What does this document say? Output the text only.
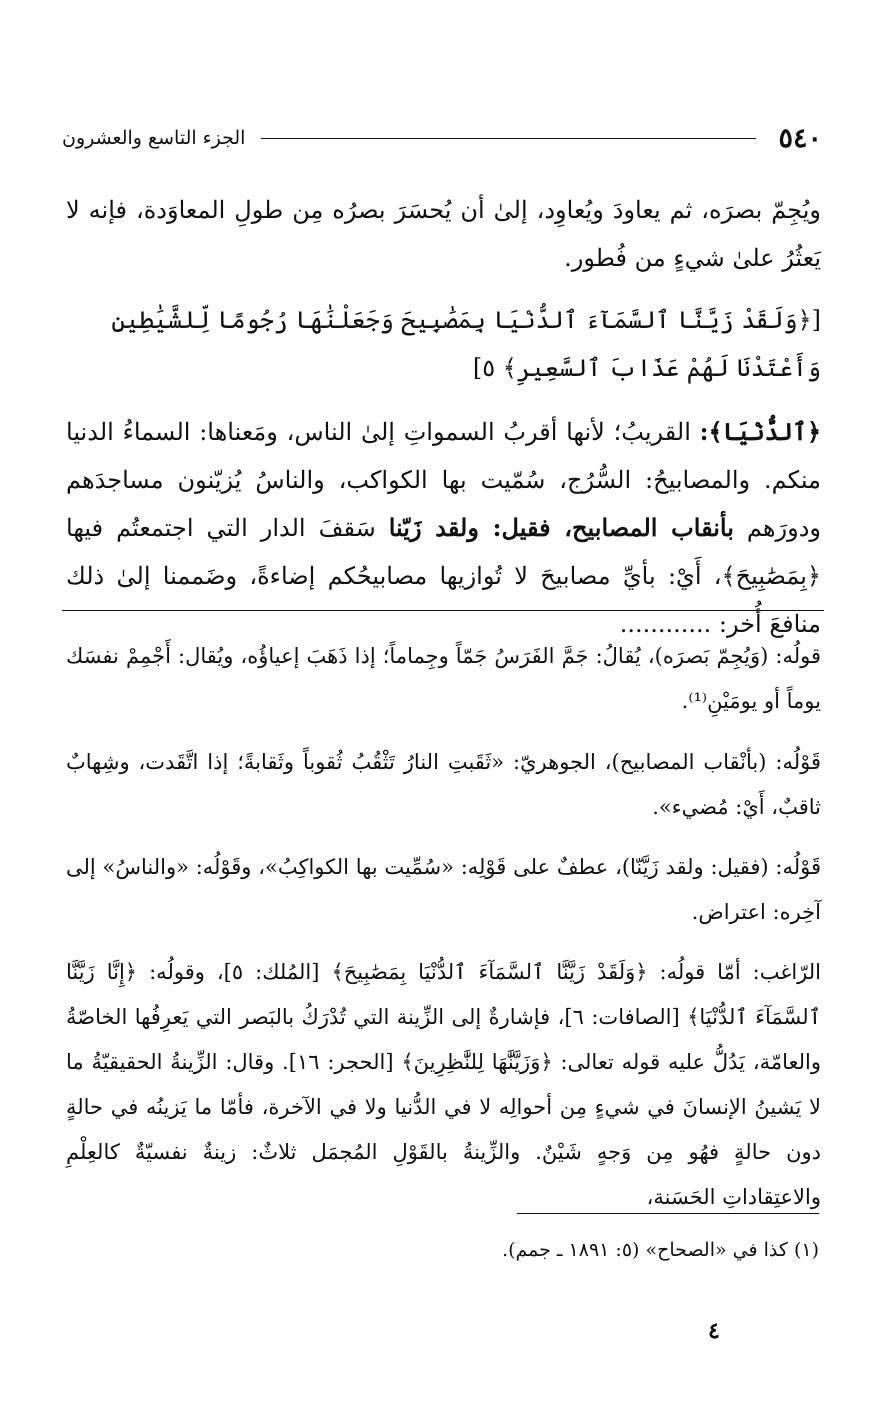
٥٤٠
الجزء التاسع والعشرون
ويُجِمّ بصرَه، ثم يعاودَ ويُعاوِد، إلىٰ أن يُحسَرَ بصرُه مِن طولِ المعاوَدة، فإنه لا يَعثُرُ علىٰ شيءٍ من فُطور.
[﴿وَلَقَدْ زَيَّنَّا ٱلسَّمَآءَ ٱلدُّنْيَا بِمَصَٰبِيحَ وَجَعَلْنَٰهَا رُجُومًا لِّلشَّيَٰطِينِ وَأَعْتَدْنَا لَهُمْ عَذَابَ ٱلسَّعِيرِ﴾ ٥]
﴿ٱلدُّنْيَا﴾: القريبُ؛ لأنها أقربُ السمواتِ إلىٰ الناس، ومَعناها: السماءُ الدنيا منكم. والمصابيحُ: السُّرُج، سُمّيت بها الكواكب، والناسُ يُزيّنون مساجدَهم ودورَهم بأنقاب المصابيح، فقيل: ولقد زَيّنا سَقفَ الدار التي اجتمعتُم فيها ﴿بِمَصَٰبِيحَ﴾، أَيْ: بأيِّ مصابيحَ لا تُوازيها مصابيحُكم إضاءةً، وضَممنا إلىٰ ذلك منافعَ أُخر: ............
قولُه: (وَيُجِمّ بَصرَه)، يُقالُ: جَمَّ الفَرَسُ جَمّاً وجِماماً؛ إذا ذَهَبَ إعياؤُه، ويُقال: أَجْمِمْ نفسَك يوماً أو يومَيْنِ⁽¹⁾.
قَوْلُه: (بأنْقاب المصابيح)، الجوهريّ: «ثَقَبتِ النارُ تَثْقُبُ ثُقوباً وثَقابةً؛ إذا اتَّقَدت، وشِهابٌ ثاقبٌ، أَيْ: مُضيء».
قَوْلُه: (فقيل: ولقد زَيَّنّا)، عطفٌ على قَوْلِه: «سُمِّيت بها الكواكِبُ»، وقَوْلُه: «والناسُ» إلى آخِره: اعتراض.
الرّاغب: أمّا قولُه: ﴿وَلَقَدْ زَيَّنَّا ٱلسَّمَآءَ ٱلدُّنْيَا بِمَصَٰبِيحَ﴾ [المُلك: ٥]، وقولُه: ﴿إِنَّا زَيَّنَّا ٱلسَّمَآءَ ٱلدُّنْيَا﴾ [الصافات: ٦]، فإشارةٌ إلى الزِّينة التي تُدْرَكُ بالبَصر التي يَعرِفُها الخاصّةُ والعامّة، يَدُلُّ عليه قوله تعالى: ﴿وَزَيَّنَّٰهَا لِلنَّٰظِرِينَ﴾ [الحجر: ١٦]. وقال: الزِّينةُ الحقيقيّةُ ما لا يَشينُ الإنسانَ في شيءٍ مِن أحوالِه لا في الدُّنيا ولا في الآخرة، فأمّا ما يَزينُه في حالةٍ دون حالةٍ فهُو مِن وَجهٍ شَيْنٌ. والزِّينةُ بالقَوْلِ المُجمَل ثلاثٌ: زينةٌ نفسيّةٌ كالعِلْمِ والاعتِقاداتِ الحَسَنة،
(١) كذا في «الصحاح» (٥: ١٨٩١ ـ جمم).
٤
